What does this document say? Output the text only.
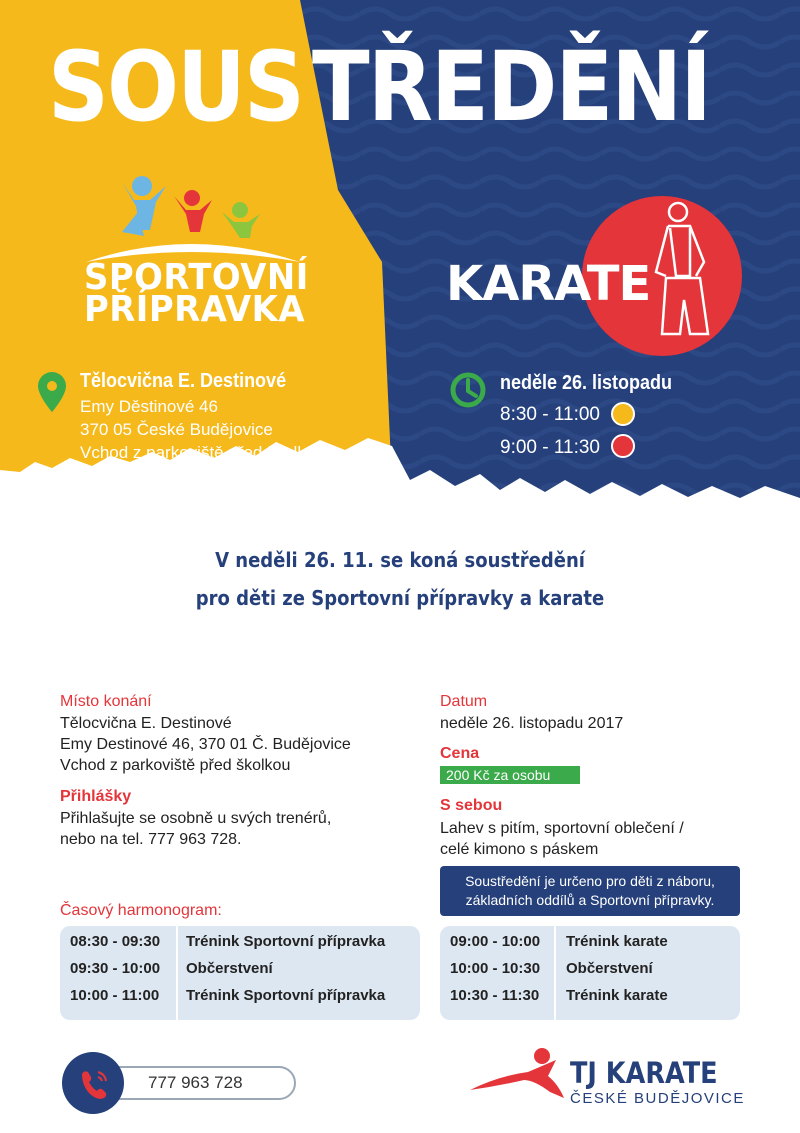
SOUS TŘEDĚNÍ
SPORTOVNÍ
PŘÍPRAVKA	KARATE
Tělocvična E. Destinové
Emy Děstinové 46
370 05 České Budějovice
Vchod z parkoviště před školkou
neděle 26. listopadu
8:30 - 11:00
9:00 - 11:30
V neděli 26. 11. se koná soustředění
pro děti ze Sportovní přípravky a karate
Místo konání
Tělocvična E. Destinové
Emy Destinové 46, 370 01 Č. Budějovice
Vchod z parkoviště před školkou
Přihlášky
Přihlašujte se osobně u svých trenérů,
nebo na tel. 777 963 728.
Datum
neděle 26. listopadu 2017
Cena
200 Kč za osobu
S sebou
Lahev s pitím, sportovní oblečení /
celé kimono s páskem
Soustředění je určeno pro děti z náboru,
základních oddílů a Sportovní přípravky.
Časový harmonogram:
08:30 - 09:30 Trénink Sportovní přípravka
09:30 - 10:00 Občerstvení
10:00 - 11:00 Trénink Sportovní přípravka
09:00 - 10:00 Trénink karate
10:00 - 10:30 Občerstvení
10:30 - 11:30 Trénink karate
777 963 728	TJ KARATE
ČESKÉ BUDĚJOVICE
